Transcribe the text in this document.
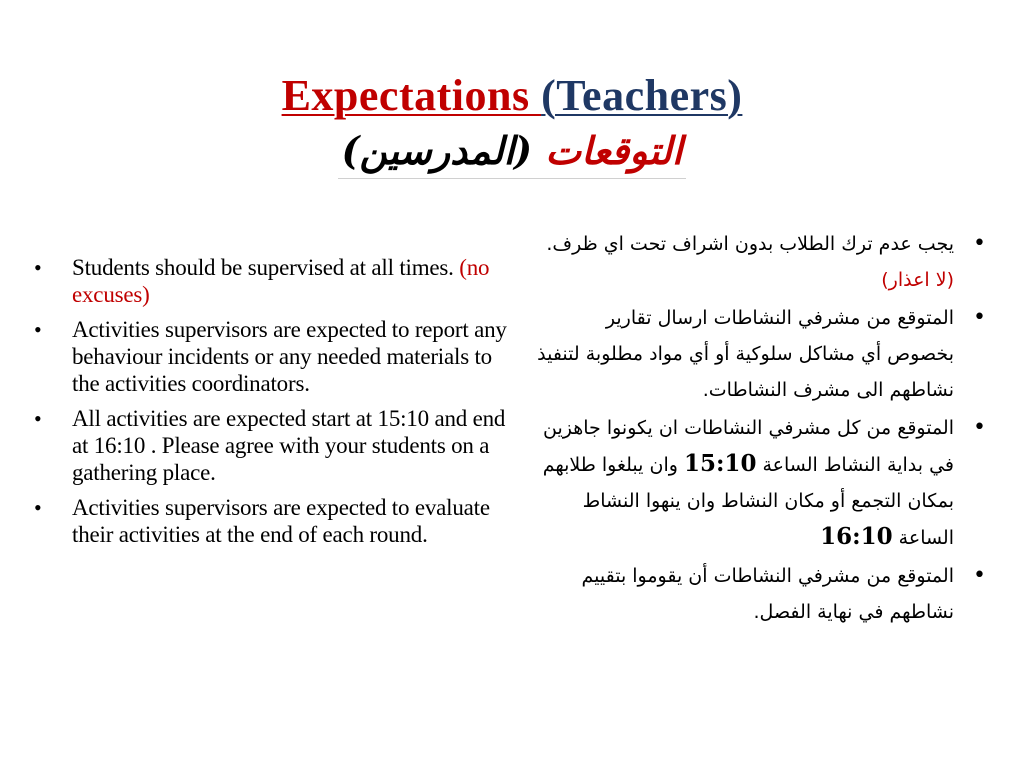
Expectations (Teachers)
التوقعات (المدرسين)
• Students should be supervised at all times. (no excuses)
• Activities supervisors are expected to report any behaviour incidents or any needed materials to the activities coordinators.
• All activities are expected start at 15:10 and end at 16:10 . Please agree with your students on a gathering place.
• Activities supervisors are expected to evaluate their activities at the end of each round.
•
يجب عدم ترك الطلاب بدون اشراف تحت اي ظرف. (لا اعذار)
•
المتوقع من مشرفي النشاطات ارسال تقارير بخصوص أي مشاكل سلوكية أو أي مواد مطلوبة لتنفيذ نشاطهم الى مشرف النشاطات.
•
المتوقع من كل مشرفي النشاطات ان يكونوا جاهزين في بداية النشاط الساعة 15:10 وان يبلغوا طلابهم بمكان التجمع أو مكان النشاط وان ينهوا النشاط الساعة 16:10
•
المتوقع من مشرفي النشاطات أن يقوموا بتقييم نشاطهم في نهاية الفصل.
